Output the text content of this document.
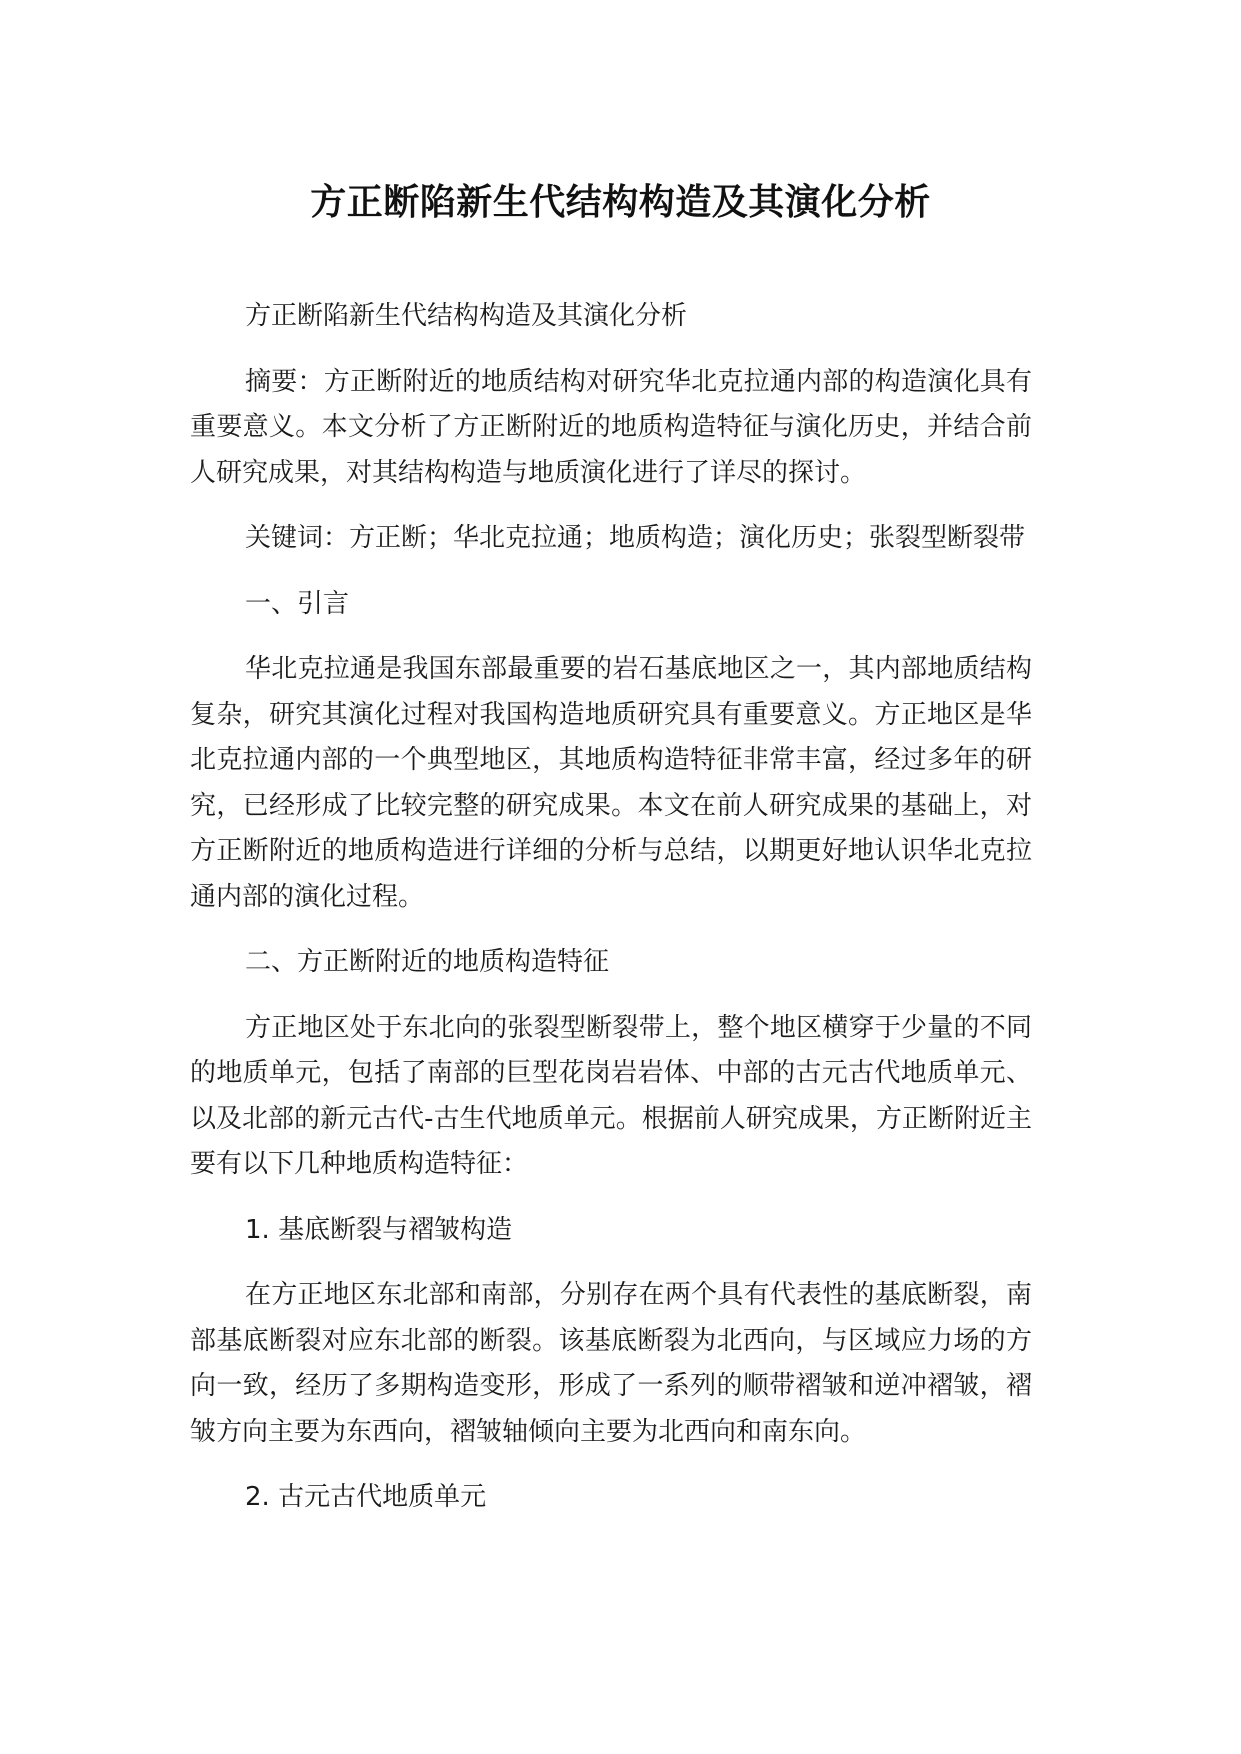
方正断陷新生代结构构造及其演化分析

方正断陷新生代结构构造及其演化分析

摘要：方正断附近的地质结构对研究华北克拉通内部的构造演化具有重要意义。本文分析了方正断附近的地质构造特征与演化历史，并结合前人研究成果，对其结构构造与地质演化进行了详尽的探讨。

关键词：方正断；华北克拉通；地质构造；演化历史；张裂型断裂带

一、引言

华北克拉通是我国东部最重要的岩石基底地区之一，其内部地质结构复杂，研究其演化过程对我国构造地质研究具有重要意义。方正地区是华北克拉通内部的一个典型地区，其地质构造特征非常丰富，经过多年的研究，已经形成了比较完整的研究成果。本文在前人研究成果的基础上，对方正断附近的地质构造进行详细的分析与总结，以期更好地认识华北克拉通内部的演化过程。

二、方正断附近的地质构造特征

方正地区处于东北向的张裂型断裂带上，整个地区横穿于少量的不同的地质单元，包括了南部的巨型花岗岩岩体、中部的古元古代地质单元、以及北部的新元古代-古生代地质单元。根据前人研究成果，方正断附近主要有以下几种地质构造特征：

1. 基底断裂与褶皱构造

在方正地区东北部和南部，分别存在两个具有代表性的基底断裂，南部基底断裂对应东北部的断裂。该基底断裂为北西向，与区域应力场的方向一致，经历了多期构造变形，形成了一系列的顺带褶皱和逆冲褶皱，褶皱方向主要为东西向，褶皱轴倾向主要为北西向和南东向。

2. 古元古代地质单元
